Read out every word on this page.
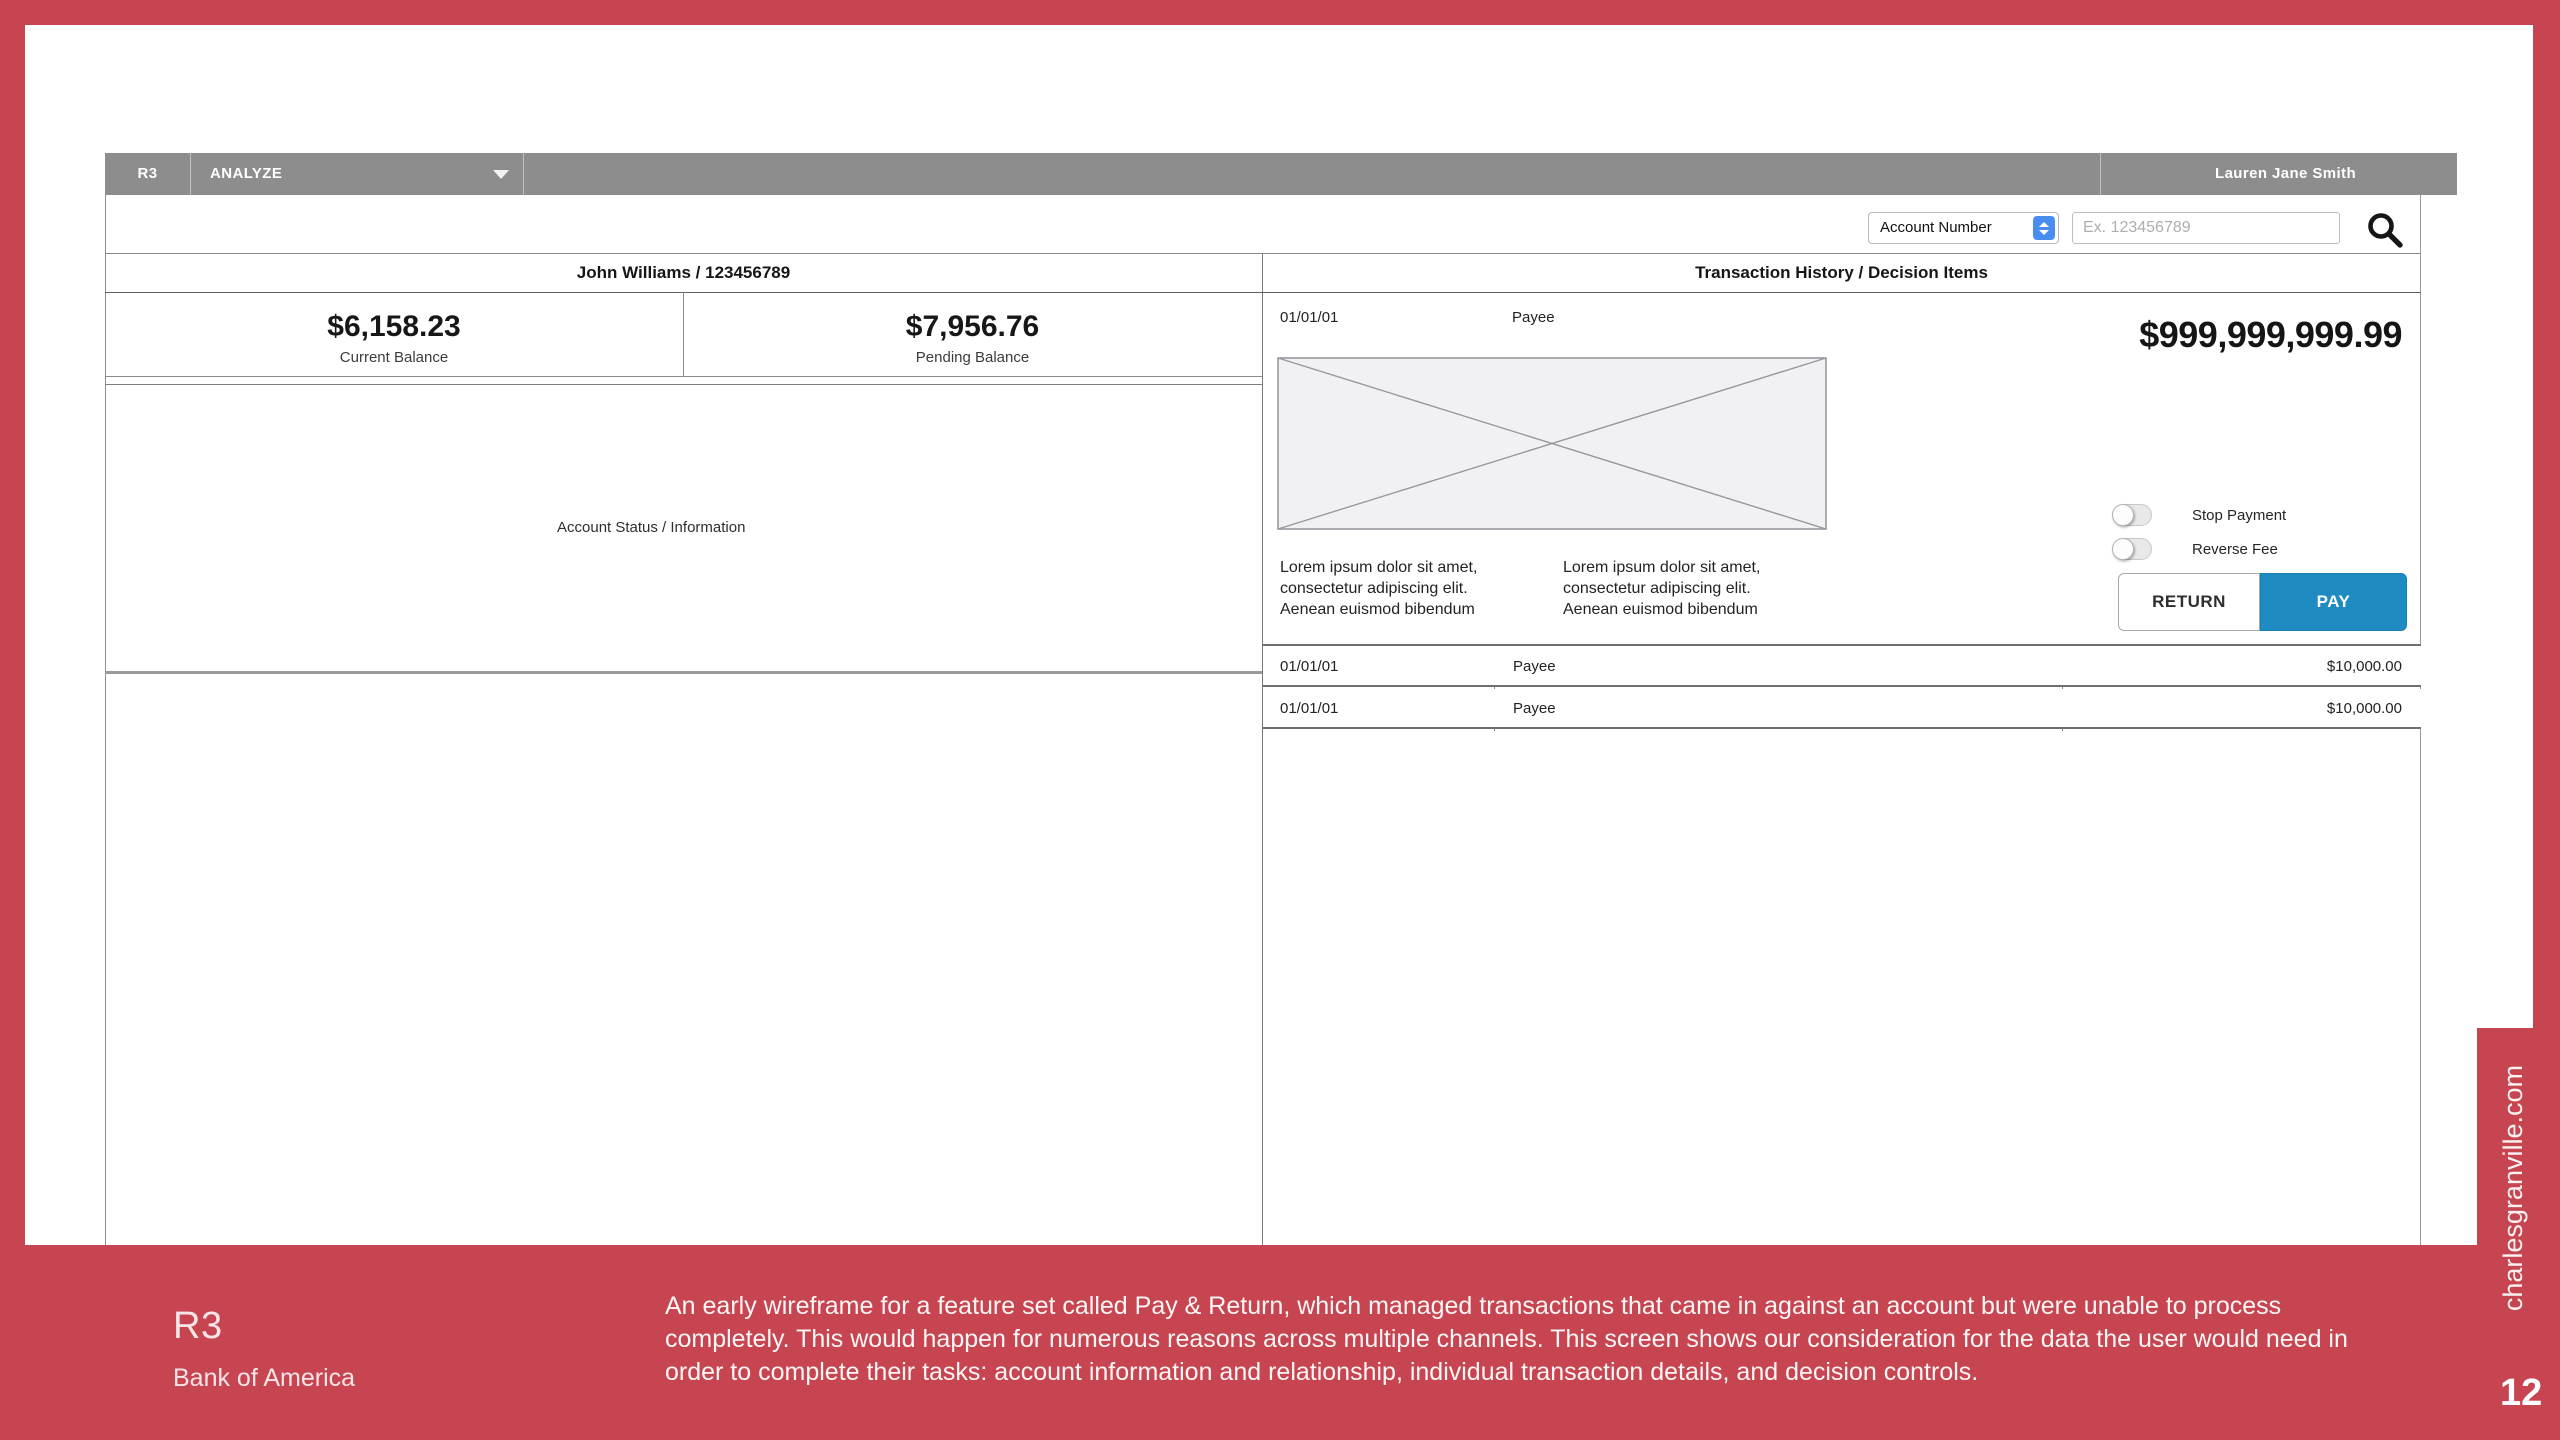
R3	ANALYZE	Lauren Jane Smith
Account Number
Ex. 123456789
John Williams / 123456789	Transaction History / Decision Items
$6,158.23
Current Balance
$7,956.76
Pending Balance
Account Status / Information
01/01/01	Payee	$999,999,999.99
Lorem ipsum dolor sit amet, consectetur adipiscing elit. Aenean euismod bibendum
Lorem ipsum dolor sit amet, consectetur adipiscing elit. Aenean euismod bibendum
Stop Payment
Reverse Fee
RETURN	PAY
01/01/01	Payee	$10,000.00
01/01/01	Payee	$10,000.00
R3
Bank of America
An early wireframe for a feature set called Pay & Return, which managed transactions that came in against an account but were unable to process completely. This would happen for numerous reasons across multiple channels. This screen shows our consideration for the data the user would need in order to complete their tasks: account information and relationship, individual transaction details, and decision controls.
charlesgranville.com
12
